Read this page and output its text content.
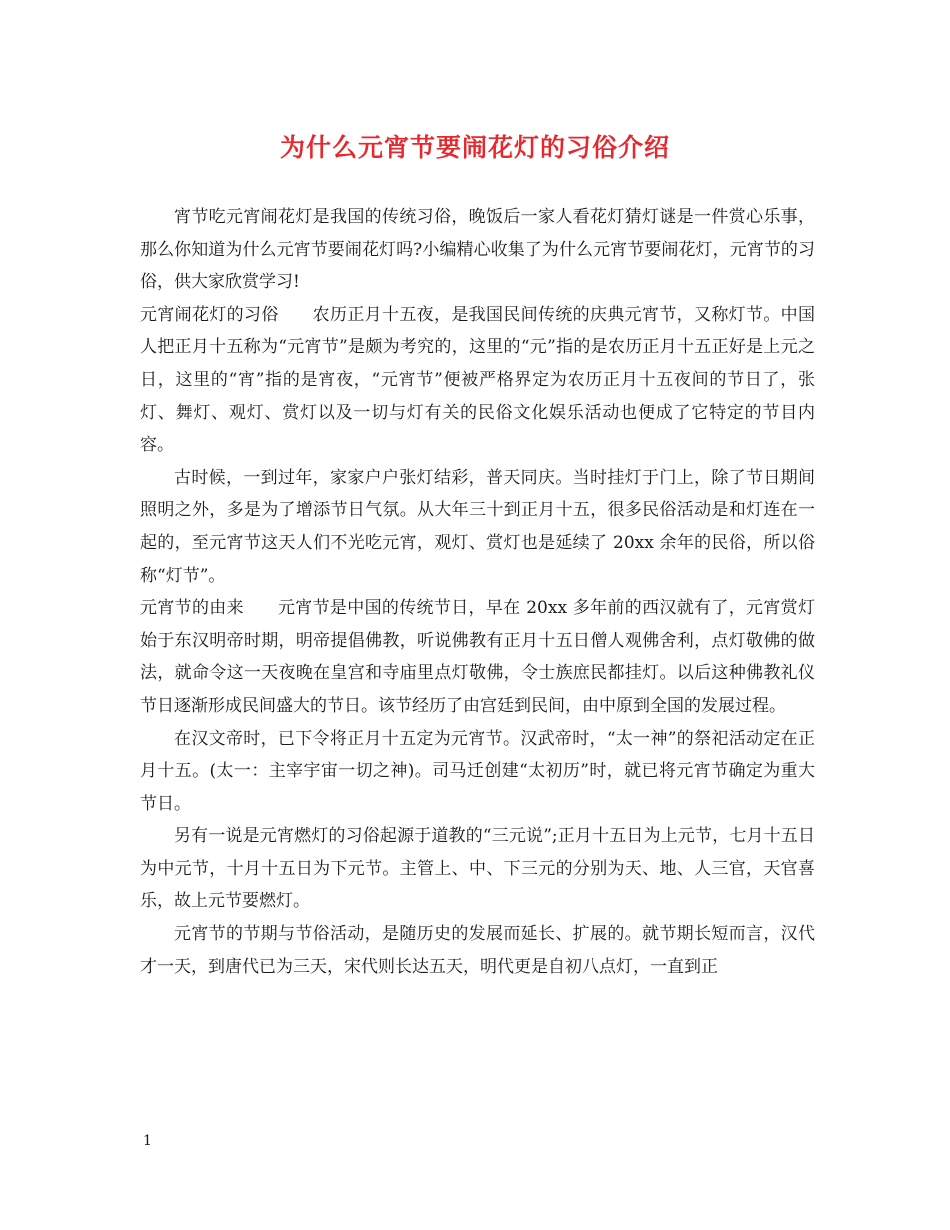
为什么元宵节要闹花灯的习俗介绍

宵节吃元宵闹花灯是我国的传统习俗，晚饭后一家人看花灯猜灯谜是一件赏心乐事，那么你知道为什么元宵节要闹花灯吗?小编精心收集了为什么元宵节要闹花灯，元宵节的习俗，供大家欣赏学习!

元宵闹花灯的习俗 农历正月十五夜，是我国民间传统的庆典元宵节，又称灯节。中国人把正月十五称为“元宵节”是颇为考究的，这里的“元”指的是农历正月十五正好是上元之日，这里的“宵”指的是宵夜，“元宵节”便被严格界定为农历正月十五夜间的节日了，张灯、舞灯、观灯、赏灯以及一切与灯有关的民俗文化娱乐活动也便成了它特定的节目内容。

古时候，一到过年，家家户户张灯结彩，普天同庆。当时挂灯于门上，除了节日期间照明之外，多是为了增添节日气氛。从大年三十到正月十五，很多民俗活动是和灯连在一起的，至元宵节这天人们不光吃元宵，观灯、赏灯也是延续了 20xx 余年的民俗，所以俗称“灯节”。

元宵节的由来 元宵节是中国的传统节日，早在 20xx 多年前的西汉就有了，元宵赏灯始于东汉明帝时期，明帝提倡佛教，听说佛教有正月十五日僧人观佛舍利，点灯敬佛的做法，就命令这一天夜晚在皇宫和寺庙里点灯敬佛，令士族庶民都挂灯。以后这种佛教礼仪节日逐渐形成民间盛大的节日。该节经历了由宫廷到民间，由中原到全国的发展过程。

在汉文帝时，已下令将正月十五定为元宵节。汉武帝时，“太一神”的祭祀活动定在正月十五。(太一：主宰宇宙一切之神)。司马迁创建“太初历”时，就已将元宵节确定为重大节日。

另有一说是元宵燃灯的习俗起源于道教的“三元说”;正月十五日为上元节，七月十五日为中元节，十月十五日为下元节。主管上、中、下三元的分别为天、地、人三官，天官喜乐，故上元节要燃灯。

元宵节的节期与节俗活动，是随历史的发展而延长、扩展的。就节期长短而言，汉代才一天，到唐代已为三天，宋代则长达五天，明代更是自初八点灯，一直到正

1
